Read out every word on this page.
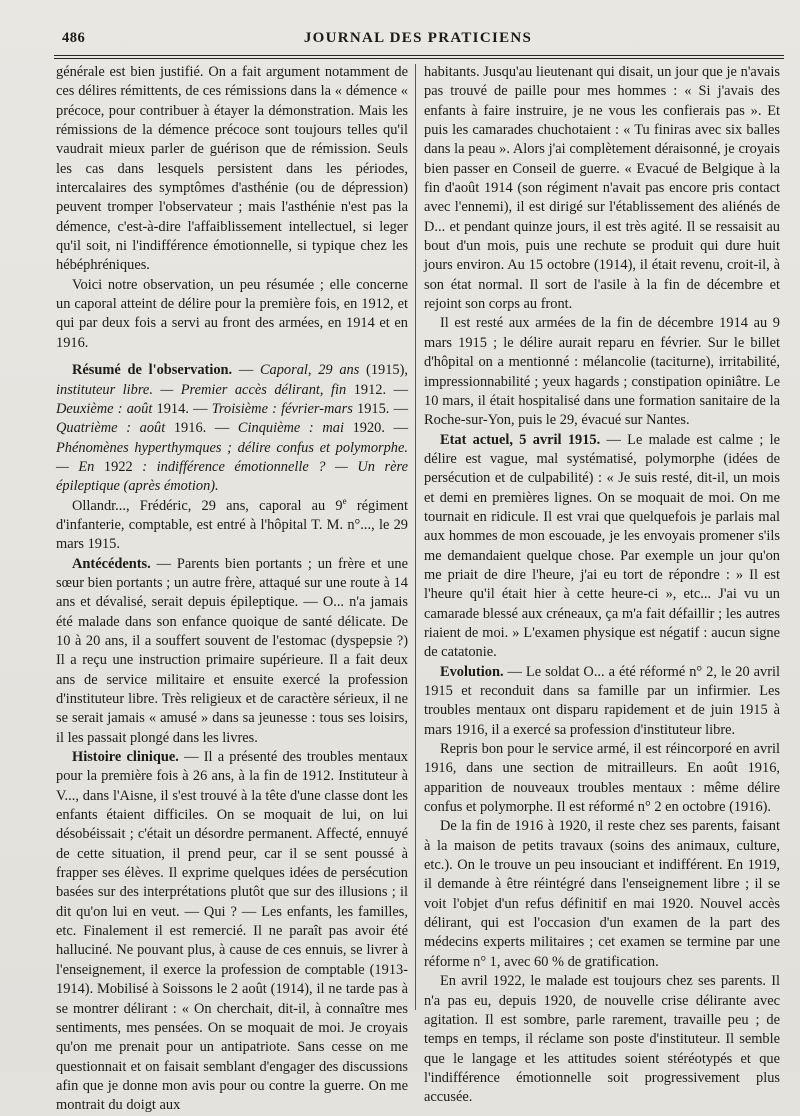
486	JOURNAL DES PRATICIENS

générale est bien justifié. On a fait argument notamment de ces délires rémittents, de ces rémissions dans la « démence « précoce, pour contribuer à étayer la démonstration. Mais les rémissions de la démence précoce sont toujours telles qu'il vaudrait mieux parler de guérison que de rémission. Seuls les cas dans lesquels persistent dans les périodes, intercalaires des symptômes d'asthénie (ou de dépression) peuvent tromper l'observateur ; mais l'asthénie n'est pas la démence, c'est-à-dire l'affaiblissement intellectuel, si leger qu'il soit, ni l'indifférence émotionnelle, si typique chez les hébéphréniques.

Voici notre observation, un peu résumée ; elle concerne un caporal atteint de délire pour la première fois, en 1912, et qui par deux fois a servi au front des armées, en 1914 et en 1916.

Résumé de l'observation. — Caporal, 29 ans (1915), instituteur libre. — Premier accès délirant, fin 1912. — Deuxième : août 1914. — Troisième : février-mars 1915. — Quatrième : août 1916. — Cinquième : mai 1920. — Phénomènes hyperthymques ; délire confus et polymorphe. — En 1922 : indifférence émotionnelle ? — Un rère épileptique (après émotion).

Ollandr..., Frédéric, 29 ans, caporal au 9e régiment d'infanterie, comptable, est entré à l'hôpital T. M. n°..., le 29 mars 1915.

Antécédents. — Parents bien portants ; un frère et une sœur bien portants ; un autre frère, attaqué sur une route à 14 ans et dévalisé, serait depuis épileptique. — O... n'a jamais été malade dans son enfance quoique de santé délicate. De 10 à 20 ans, il a souffert souvent de l'estomac (dyspepsie ?) Il a reçu une instruction primaire supérieure. Il a fait deux ans de service militaire et ensuite exercé la profession d'instituteur libre. Très religieux et de caractère sérieux, il ne se serait jamais « amusé » dans sa jeunesse : tous ses loisirs, il les passait plongé dans les livres.

Histoire clinique. — Il a présenté des troubles mentaux pour la première fois à 26 ans, à la fin de 1912. Instituteur à V..., dans l'Aisne, il s'est trouvé à la tête d'une classe dont les enfants étaient difficiles. On se moquait de lui, on lui désobéissait ; c'était un désordre permanent. Affecté, ennuyé de cette situation, il prend peur, car il se sent poussé à frapper ses élèves. Il exprime quelques idées de persécution basées sur des interprétations plutôt que sur des illusions ; il dit qu'on lui en veut. — Qui ? — Les enfants, les familles, etc. Finalement il est remercié. Il ne paraît pas avoir été halluciné. Ne pouvant plus, à cause de ces ennuis, se livrer à l'enseignement, il exerce la profession de comptable (1913-1914). Mobilisé à Soissons le 2 août (1914), il ne tarde pas à se montrer délirant : « On cherchait, dit-il, à connaître mes sentiments, mes pensées. On se moquait de moi. Je croyais qu'on me prenait pour un antipatriote. Sans cesse on me questionnait et on faisait semblant d'engager des discussions afin que je donne mon avis pour ou contre la guerre. On me montrait du doigt aux

habitants. Jusqu'au lieutenant qui disait, un jour que je n'avais pas trouvé de paille pour mes hommes : « Si j'avais des enfants à faire instruire, je ne vous les confierais pas ». Et puis les camarades chuchotaient : « Tu finiras avec six balles dans la peau ». Alors j'ai complètement déraisonné, je croyais bien passer en Conseil de guerre. « Evacué de Belgique à la fin d'août 1914 (son régiment n'avait pas encore pris contact avec l'ennemi), il est dirigé sur l'établissement des aliénés de D... et pendant quinze jours, il est très agité. Il se ressaisit au bout d'un mois, puis une rechute se produit qui dure huit jours environ. Au 15 octobre (1914), il était revenu, croit-il, à son état normal. Il sort de l'asile à la fin de décembre et rejoint son corps au front.

Il est resté aux armées de la fin de décembre 1914 au 9 mars 1915 ; le délire aurait reparu en février. Sur le billet d'hôpital on a mentionné : mélancolie (taciturne), irritabilité, impressionnabilité ; yeux hagards ; constipation opiniâtre. Le 10 mars, il était hospitalisé dans une formation sanitaire de la Roche-sur-Yon, puis le 29, évacué sur Nantes.

Etat actuel, 5 avril 1915. — Le malade est calme ; le délire est vague, mal systématisé, polymorphe (idées de persécution et de culpabilité) : « Je suis resté, dit-il, un mois et demi en premières lignes. On se moquait de moi. On me tournait en ridicule. Il est vrai que quelquefois je parlais mal aux hommes de mon escouade, je les envoyais promener s'ils me demandaient quelque chose. Par exemple un jour qu'on me priait de dire l'heure, j'ai eu tort de répondre : » Il est l'heure qu'il était hier à cette heure-ci », etc... J'ai vu un camarade blessé aux créneaux, ça m'a fait défaillir ; les autres riaient de moi. » L'examen physique est négatif : aucun signe de catatonie.

Evolution. — Le soldat O... a été réformé n° 2, le 20 avril 1915 et reconduit dans sa famille par un infirmier. Les troubles mentaux ont disparu rapidement et de juin 1915 à mars 1916, il a exercé sa profession d'instituteur libre.

Repris bon pour le service armé, il est réincorporé en avril 1916, dans une section de mitrailleurs. En août 1916, apparition de nouveaux troubles mentaux : même délire confus et polymorphe. Il est réformé n° 2 en octobre (1916).

De la fin de 1916 à 1920, il reste chez ses parents, faisant à la maison de petits travaux (soins des animaux, culture, etc.). On le trouve un peu insouciant et indifférent. En 1919, il demande à être réintégré dans l'enseignement libre ; il se voit l'objet d'un refus définitif en mai 1920. Nouvel accès délirant, qui est l'occasion d'un examen de la part des médecins experts militaires ; cet examen se termine par une réforme n° 1, avec 60 % de gratification.

En avril 1922, le malade est toujours chez ses parents. Il n'a pas eu, depuis 1920, de nouvelle crise délirante avec agitation. Il est sombre, parle rarement, travaille peu ; de temps en temps, il réclame son poste d'instituteur. Il semble que le langage et les attitudes soient stéréotypés et que l'indifférence émotionnelle soit progressivement plus accusée.
